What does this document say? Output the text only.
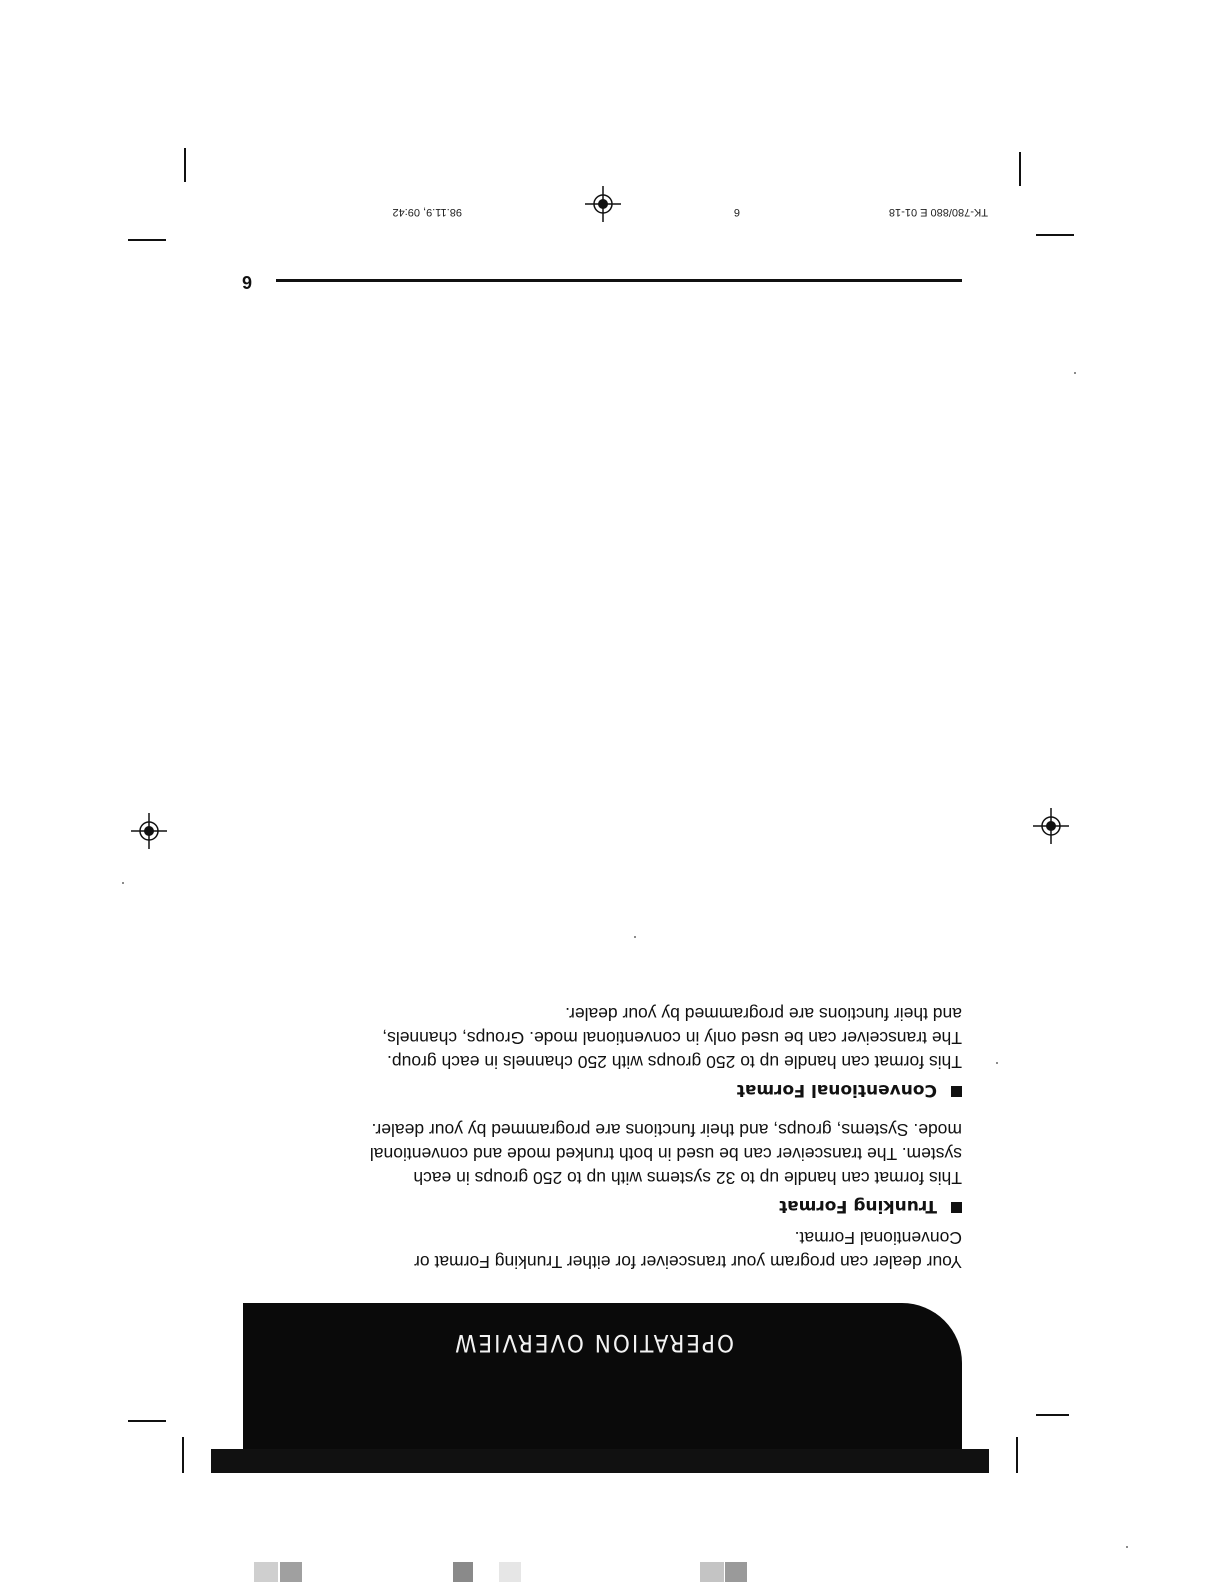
OPERATION OVERVIEW
Your dealer can program your transceiver for either Trunking Format or
Conventional Format.
Trunking Format
This format can handle up to 32 systems with up to 250 groups in each
system. The transceiver can be used in both trunked mode and conventional
mode. Systems, groups, and their functions are programmed by your dealer.
Conventional Format
This format can handle up to 250 groups with 250 channels in each group.
The transceiver can be used only in conventional mode. Groups, channels,
and their functions are programmed by your dealer.
6
TK-780/880 E 01-18
6
98.11.9, 09:42
